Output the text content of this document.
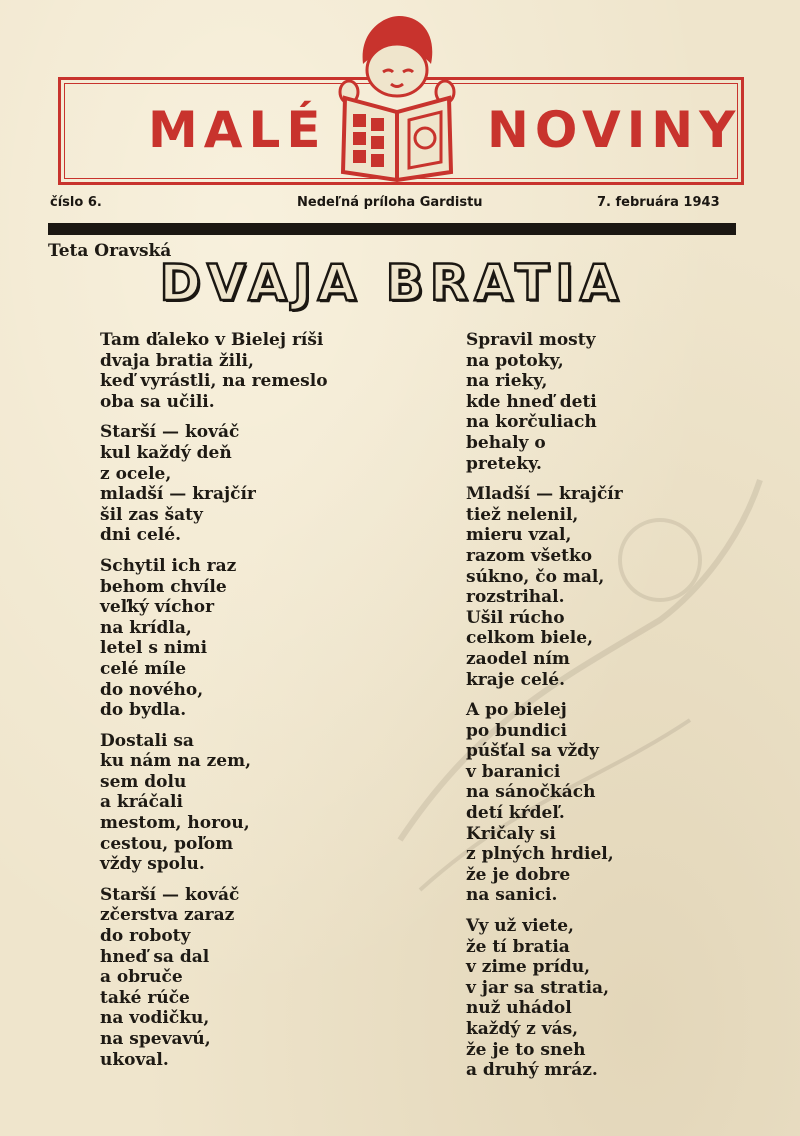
MALÉ	NOVINY
číslo 6.	Nedeľná príloha Gardistu	7. februára 1943
Teta Oravská
DVAJA BRATIA
Tam ďaleko v Bielej ríši
dvaja bratia žili,
keď vyrástli, na remeslo
oba sa učili.
Starší — kováč
kul každý deň
z ocele,
mladší — krajčír
šil zas šaty
dni celé.
Schytil ich raz
behom chvíle
veľký víchor
na krídla,
letel s nimi
celé míle
do nového,
do bydla.
Dostali sa
ku nám na zem,
sem dolu
a kráčali
mestom, horou,
cestou, poľom
vždy spolu.
Starší — kováč
zčerstva zaraz
do roboty
hneď sa dal
a obruče
také rúče
na vodičku,
na spevavú,
ukoval.
Spravil mosty
na potoky,
na rieky,
kde hneď deti
na korčuliach
behaly o
preteky.
Mladší — krajčír
tiež nelenil,
mieru vzal,
razom všetko
súkno, čo mal,
rozstrihal.
Ušil rúcho
celkom biele,
zaodel ním
kraje celé.
A po bielej
po bundici
púšťal sa vždy
v baranici
na sánočkách
detí kŕdeľ.
Kričaly si
z plných hrdiel,
že je dobre
na sanici.
Vy už viete,
že tí bratia
v zime prídu,
v jar sa stratia,
nuž uhádol
každý z vás,
že je to sneh
a druhý mráz.
